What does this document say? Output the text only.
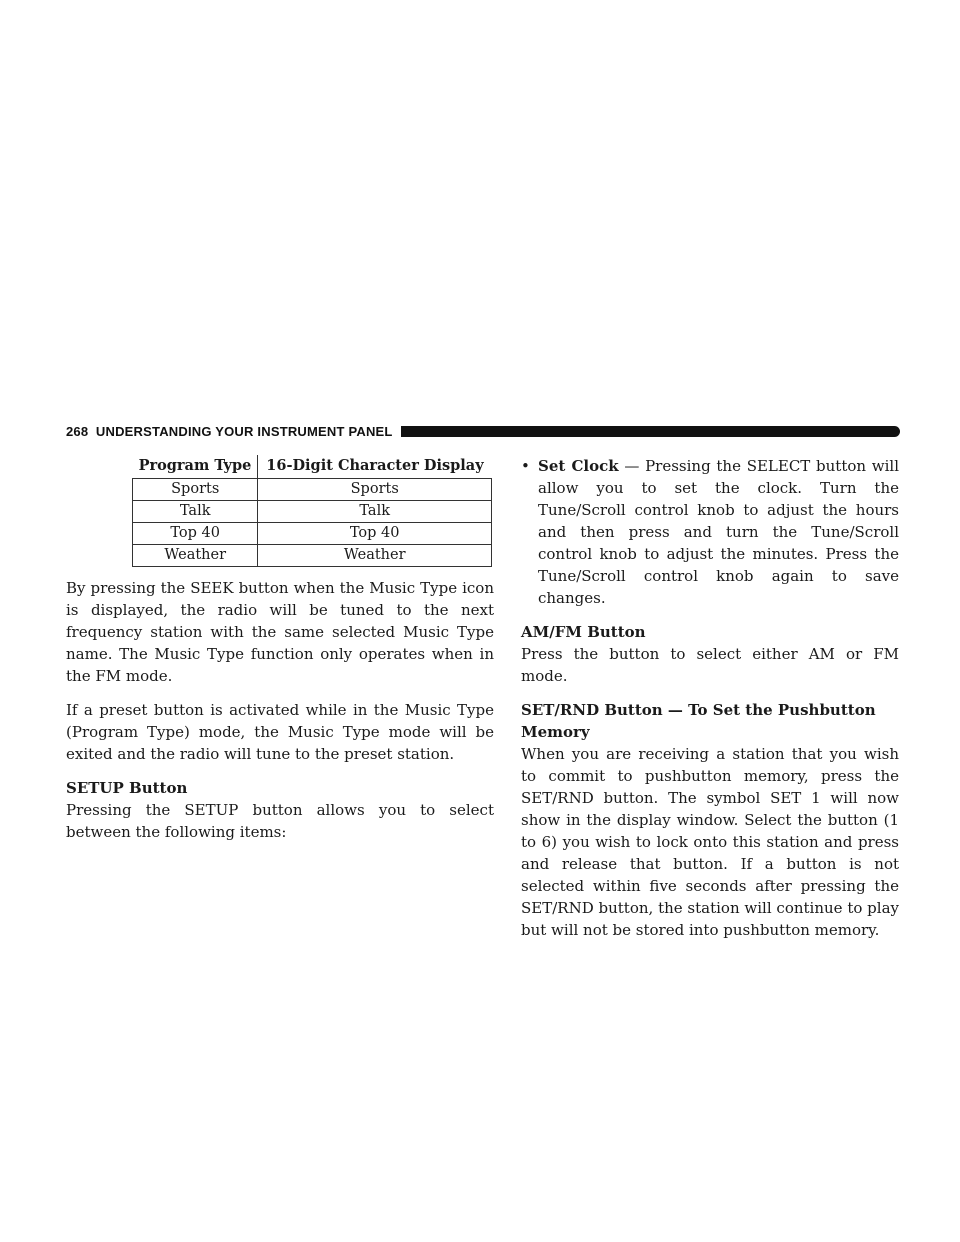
268 UNDERSTANDING YOUR INSTRUMENT PANEL
Program Type	16-Digit Character Display
Sports	Sports
Talk	Talk
Top 40	Top 40
Weather	Weather

By pressing the SEEK button when the Music Type icon is displayed, the radio will be tuned to the next frequency station with the same selected Music Type name. The Music Type function only operates when in the FM mode.

If a preset button is activated while in the Music Type (Program Type) mode, the Music Type mode will be exited and the radio will tune to the preset station.

SETUP Button

Pressing the SETUP button allows you to select between the following items:

• Set Clock — Pressing the SELECT button will allow you to set the clock. Turn the Tune/Scroll control knob to adjust the hours and then press and turn the Tune/Scroll control knob to adjust the minutes. Press the Tune/Scroll control knob again to save changes.
AM/FM Button

Press the button to select either AM or FM mode.

SET/RND Button — To Set the Pushbutton Memory

When you are receiving a station that you wish to commit to pushbutton memory, press the SET/RND button. The symbol SET 1 will now show in the display window. Select the button (1 to 6) you wish to lock onto this station and press and release that button. If a button is not selected within five seconds after pressing the SET/RND button, the station will continue to play but will not be stored into pushbutton memory.
